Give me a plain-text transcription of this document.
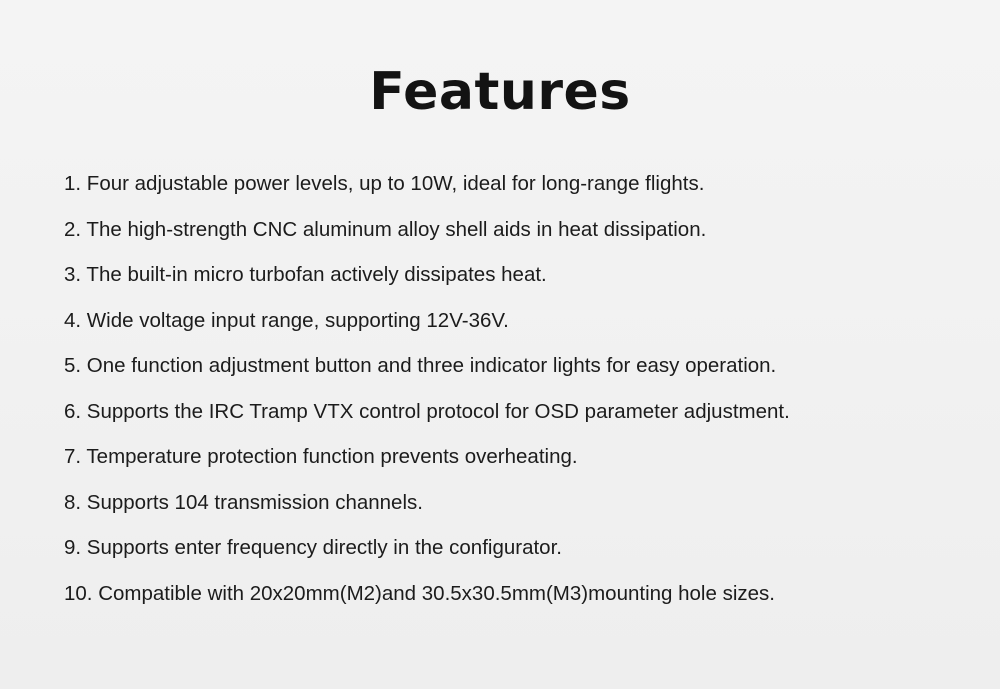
Features
1. Four adjustable power levels, up to 10W, ideal for long-range flights.
2. The high-strength CNC aluminum alloy shell aids in heat dissipation.
3. The built-in micro turbofan actively dissipates heat.
4. Wide voltage input range, supporting 12V-36V.
5. One function adjustment button and three indicator lights for easy operation.
6. Supports the IRC Tramp VTX control protocol for OSD parameter adjustment.
7. Temperature protection function prevents overheating.
8. Supports 104 transmission channels.
9. Supports enter frequency directly in the configurator.
10. Compatible with 20x20mm(M2)and 30.5x30.5mm(M3)mounting hole sizes.
